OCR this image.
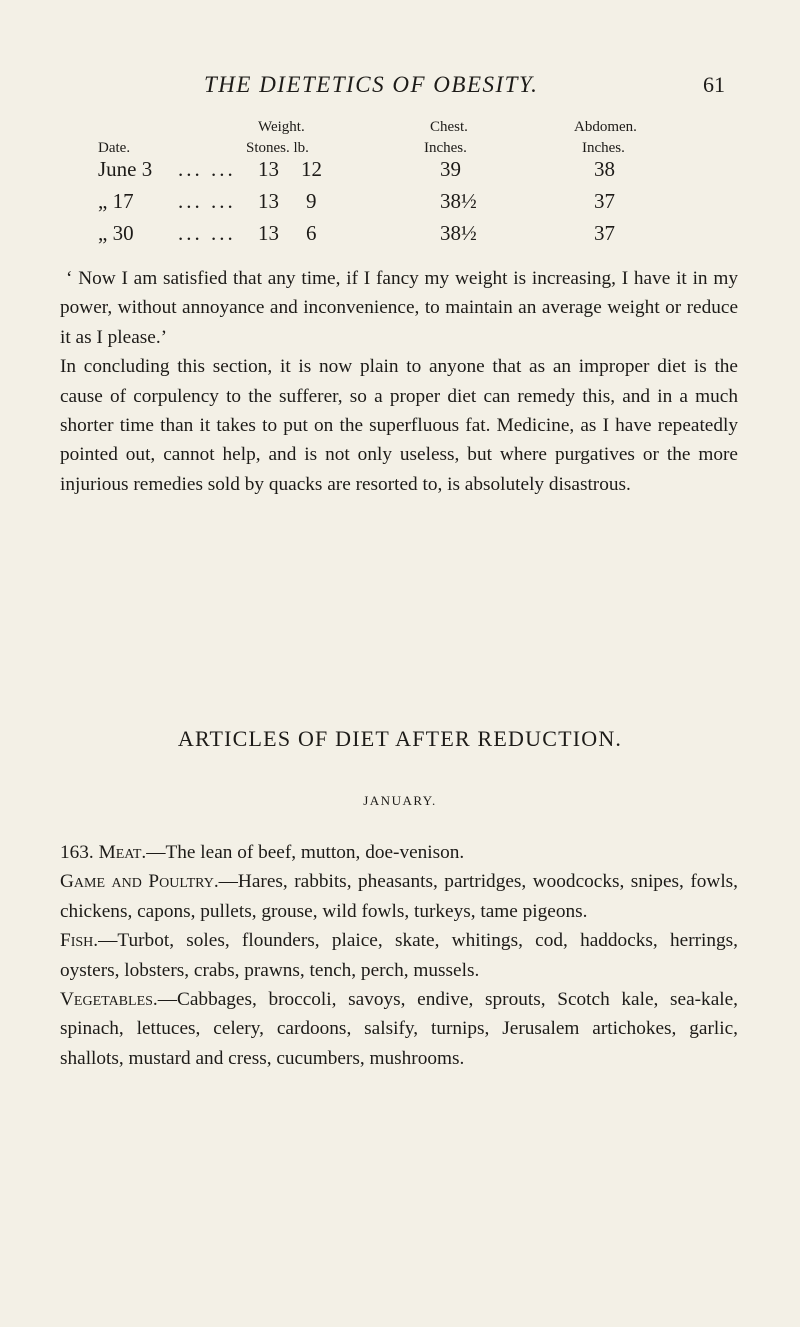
THE DIETETICS OF OBESITY.	61
Weight.	Chest.	Abdomen.
Date.	Stones. lb.	Inches.	Inches.
June 3 ... ... 13 12	39	38
„ 17 ... ... 13 9	38½	37
„ 30 ... ... 13 6	38½	37

‘ Now I am satisfied that any time, if I fancy my weight is increasing, I have it in my power, without annoyance and inconvenience, to maintain an average weight or reduce it as I please.’

In concluding this section, it is now plain to anyone that as an improper diet is the cause of corpulency to the sufferer, so a proper diet can remedy this, and in a much shorter time than it takes to put on the superfluous fat. Medicine, as I have repeatedly pointed out, cannot help, and is not only useless, but where purgatives or the more injurious remedies sold by quacks are resorted to, is absolutely disastrous.

ARTICLES OF DIET AFTER REDUCTION.
JANUARY.

163. Meat.—The lean of beef, mutton, doe-venison.

Game and Poultry.—Hares, rabbits, pheasants, partridges, woodcocks, snipes, fowls, chickens, capons, pullets, grouse, wild fowls, turkeys, tame pigeons.

Fish.—Turbot, soles, flounders, plaice, skate, whitings, cod, haddocks, herrings, oysters, lobsters, crabs, prawns, tench, perch, mussels.

Vegetables.—Cabbages, broccoli, savoys, endive, sprouts, Scotch kale, sea-kale, spinach, lettuces, celery, cardoons, salsify, turnips, Jerusalem artichokes, garlic, shallots, mustard and cress, cucumbers, mushrooms.
